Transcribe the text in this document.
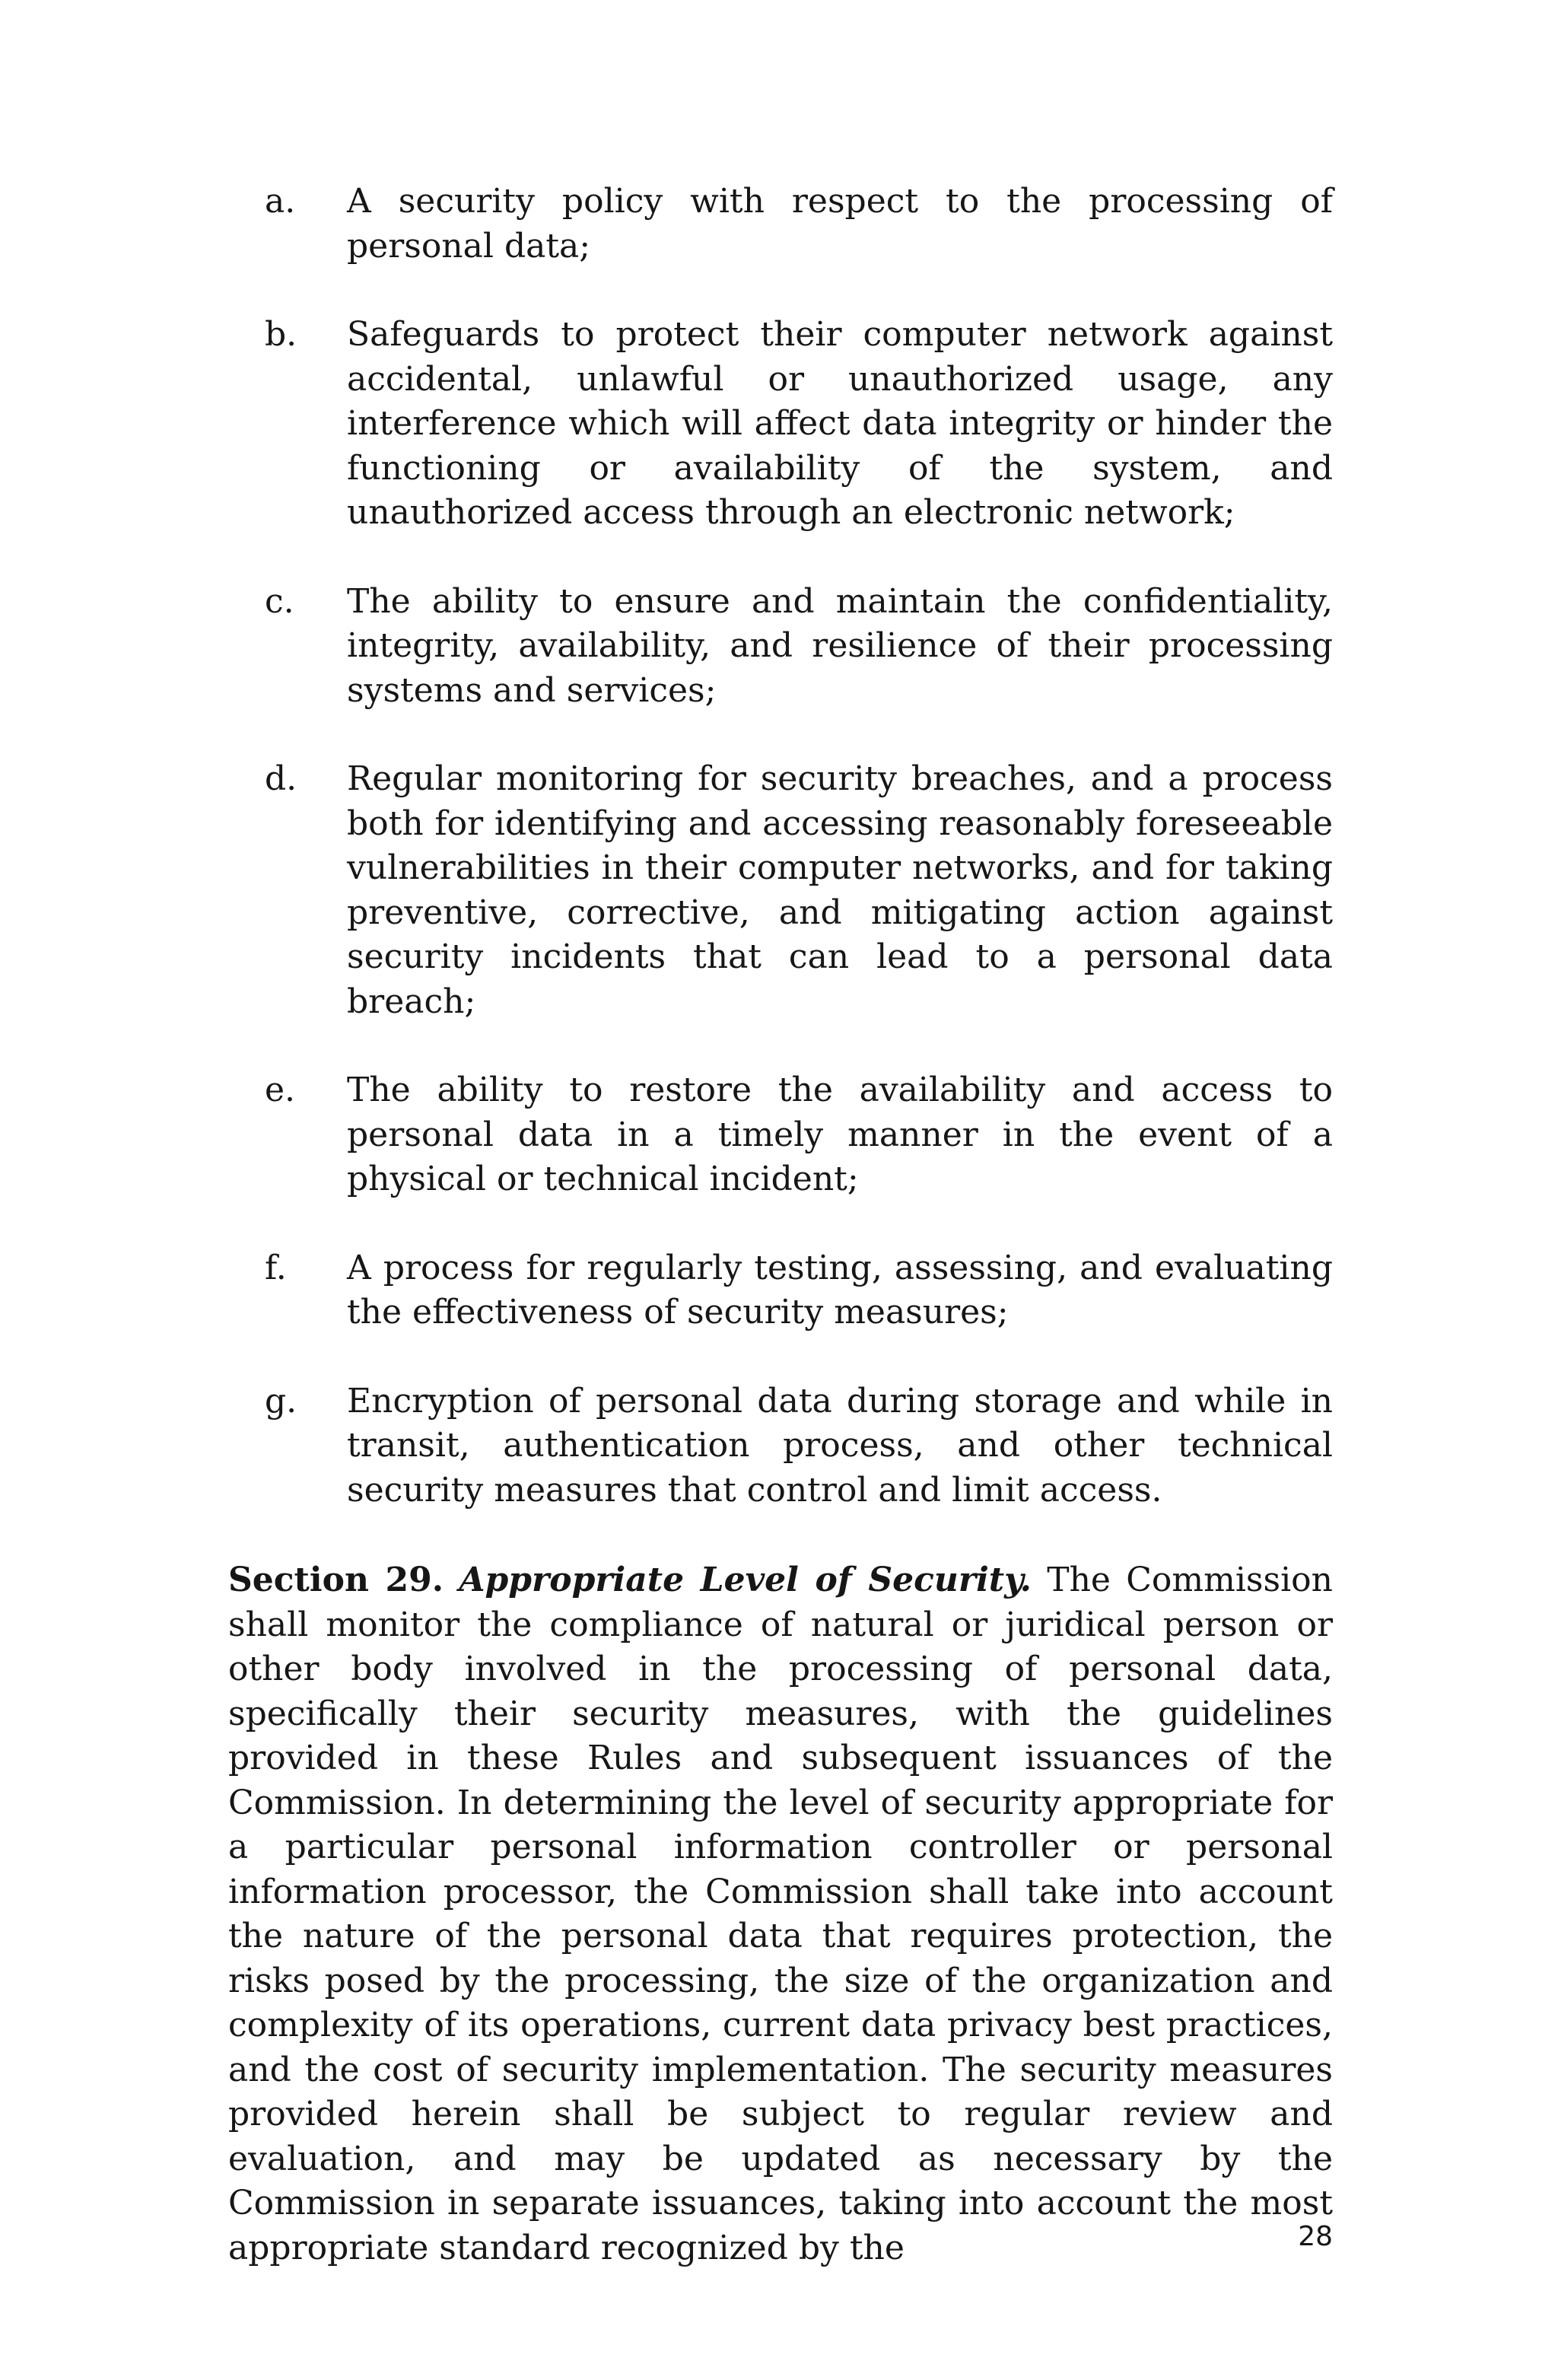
a.	A security policy with respect to the processing of personal data;
b.	Safeguards to protect their computer network against accidental, unlawful or unauthorized usage, any interference which will affect data integrity or hinder the functioning or availability of the system, and unauthorized access through an electronic network;
c.	The ability to ensure and maintain the confidentiality, integrity, availability, and resilience of their processing systems and services;
d.	Regular monitoring for security breaches, and a process both for identifying and accessing reasonably foreseeable vulnerabilities in their computer networks, and for taking preventive, corrective, and mitigating action against security incidents that can lead to a personal data breach;
e.	The ability to restore the availability and access to personal data in a timely manner in the event of a physical or technical incident;
f.	A process for regularly testing, assessing, and evaluating the effectiveness of security measures;
g.	Encryption of personal data during storage and while in transit, authentication process, and other technical security measures that control and limit access.

Section 29. Appropriate Level of Security. The Commission shall monitor the compliance of natural or juridical person or other body involved in the processing of personal data, specifically their security measures, with the guidelines provided in these Rules and subsequent issuances of the Commission. In determining the level of security appropriate for a particular personal information controller or personal information processor, the Commission shall take into account the nature of the personal data that requires protection, the risks posed by the processing, the size of the organization and complexity of its operations, current data privacy best practices, and the cost of security implementation. The security measures provided herein shall be subject to regular review and evaluation, and may be updated as necessary by the Commission in separate issuances, taking into account the most appropriate standard recognized by the	28
